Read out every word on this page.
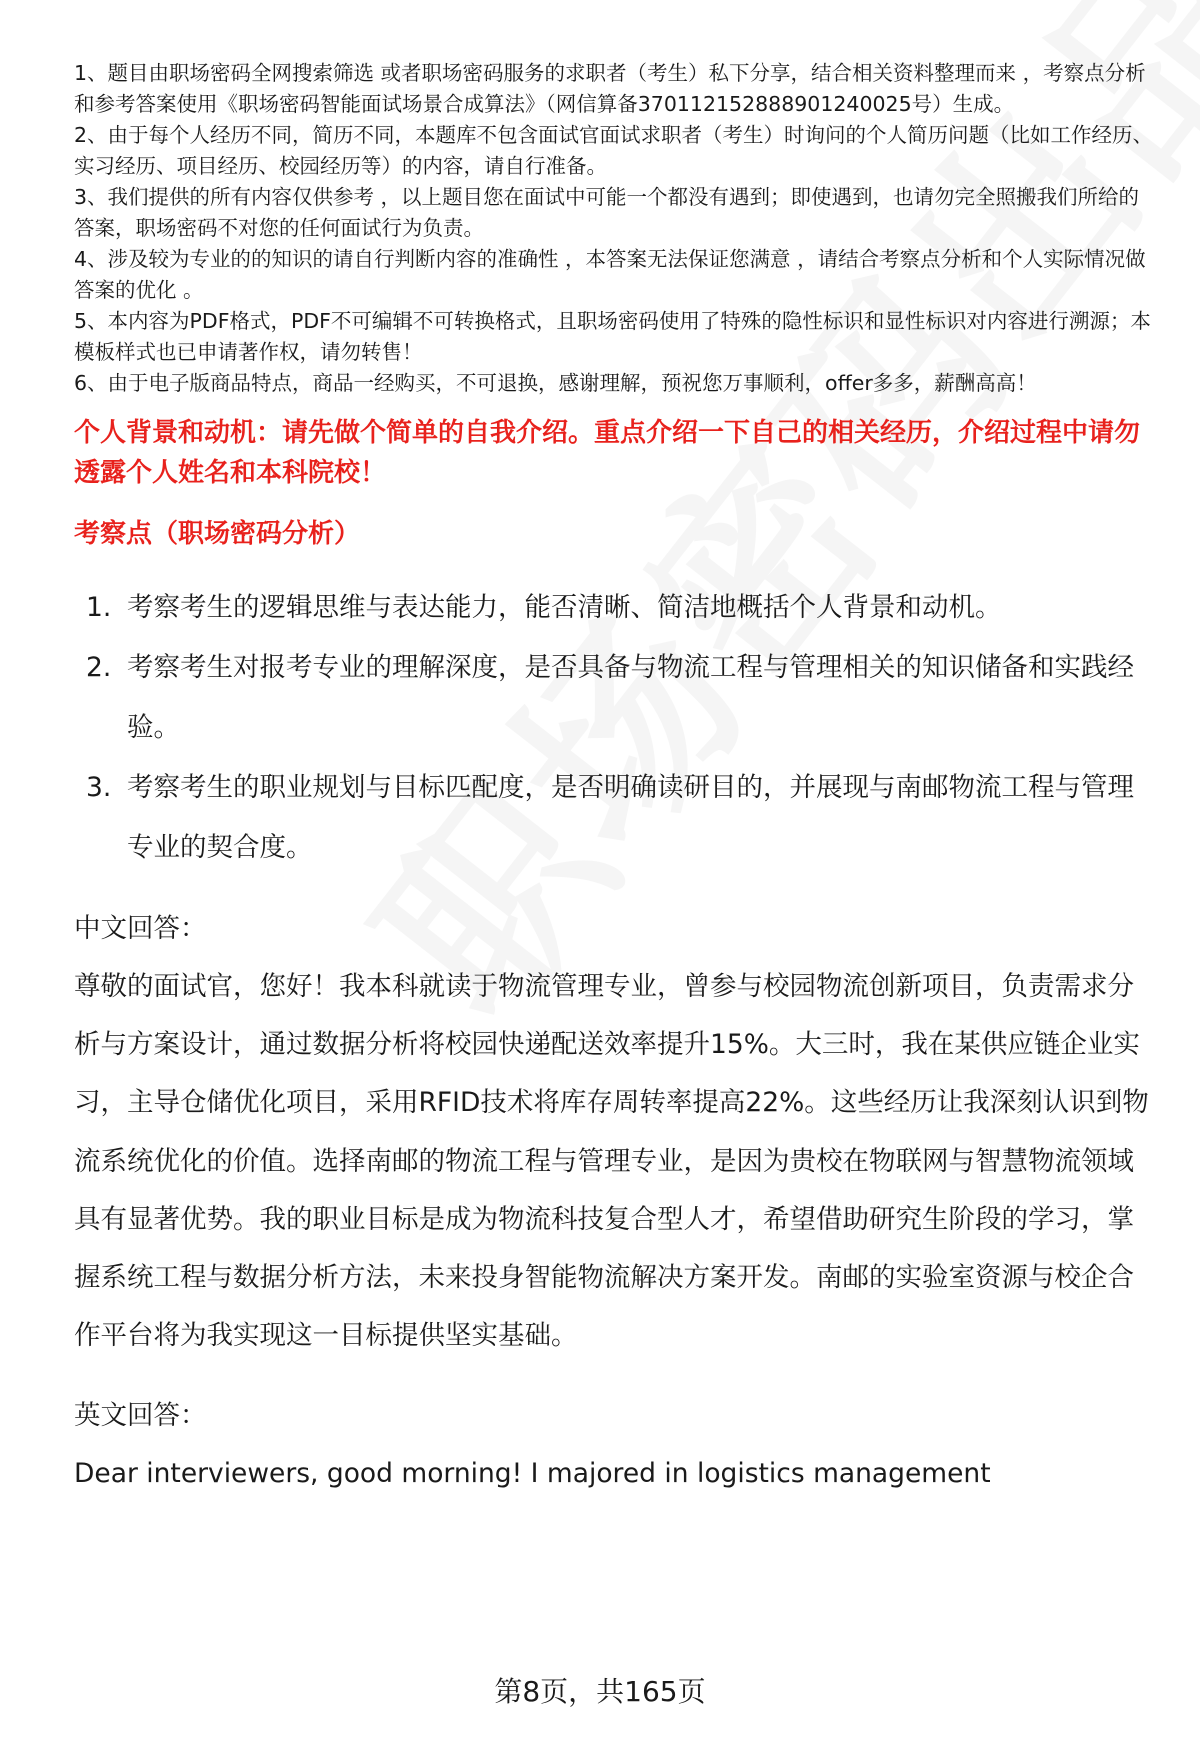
1、题目由职场密码全网搜索筛选 或者职场密码服务的求职者（考生）私下分享，结合相关资料整理而来 ，考察点分析和参考答案使用《职场密码智能面试场景合成算法》（网信算备370112152888901240025号）生成。

2、由于每个人经历不同，简历不同，本题库不包含面试官面试求职者（考生）时询问的个人简历问题（比如工作经历、实习经历、项目经历、校园经历等）的内容，请自行准备。

3、我们提供的所有内容仅供参考 ，以上题目您在面试中可能一个都没有遇到；即使遇到，也请勿完全照搬我们所给的答案，职场密码不对您的任何面试行为负责。

4、涉及较为专业的的知识的请自行判断内容的准确性 ，本答案无法保证您满意 ，请结合考察点分析和个人实际情况做答案的优化 。

5、本内容为PDF格式，PDF不可编辑不可转换格式，且职场密码使用了特殊的隐性标识和显性标识对内容进行溯源；本模板样式也已申请著作权，请勿转售！

6、由于电子版商品特点，商品一经购买，不可退换，感谢理解，预祝您万事顺利，offer多多，薪酬高高！

个人背景和动机：请先做个简单的自我介绍。重点介绍一下自己的相关经历，介绍过程中请勿透露个人姓名和本科院校！
考察点（职场密码分析）
1. 考察考生的逻辑思维与表达能力，能否清晰、简洁地概括个人背景和动机。
2. 考察考生对报考专业的理解深度，是否具备与物流工程与管理相关的知识储备和实践经验。
3. 考察考生的职业规划与目标匹配度，是否明确读研目的，并展现与南邮物流工程与管理专业的契合度。
中文回答：

尊敬的面试官，您好！我本科就读于物流管理专业，曾参与校园物流创新项目，负责需求分析与方案设计，通过数据分析将校园快递配送效率提升15%。大三时，我在某供应链企业实习，主导仓储优化项目，采用RFID技术将库存周转率提高22%。这些经历让我深刻认识到物流系统优化的价值。选择南邮的物流工程与管理专业，是因为贵校在物联网与智慧物流领域具有显著优势。我的职业目标是成为物流科技复合型人才，希望借助研究生阶段的学习，掌握系统工程与数据分析方法，未来投身智能物流解决方案开发。南邮的实验室资源与校企合作平台将为我实现这一目标提供坚实基础。

英文回答：

Dear interviewers, good morning! I majored in logistics management

第8页，共165页
